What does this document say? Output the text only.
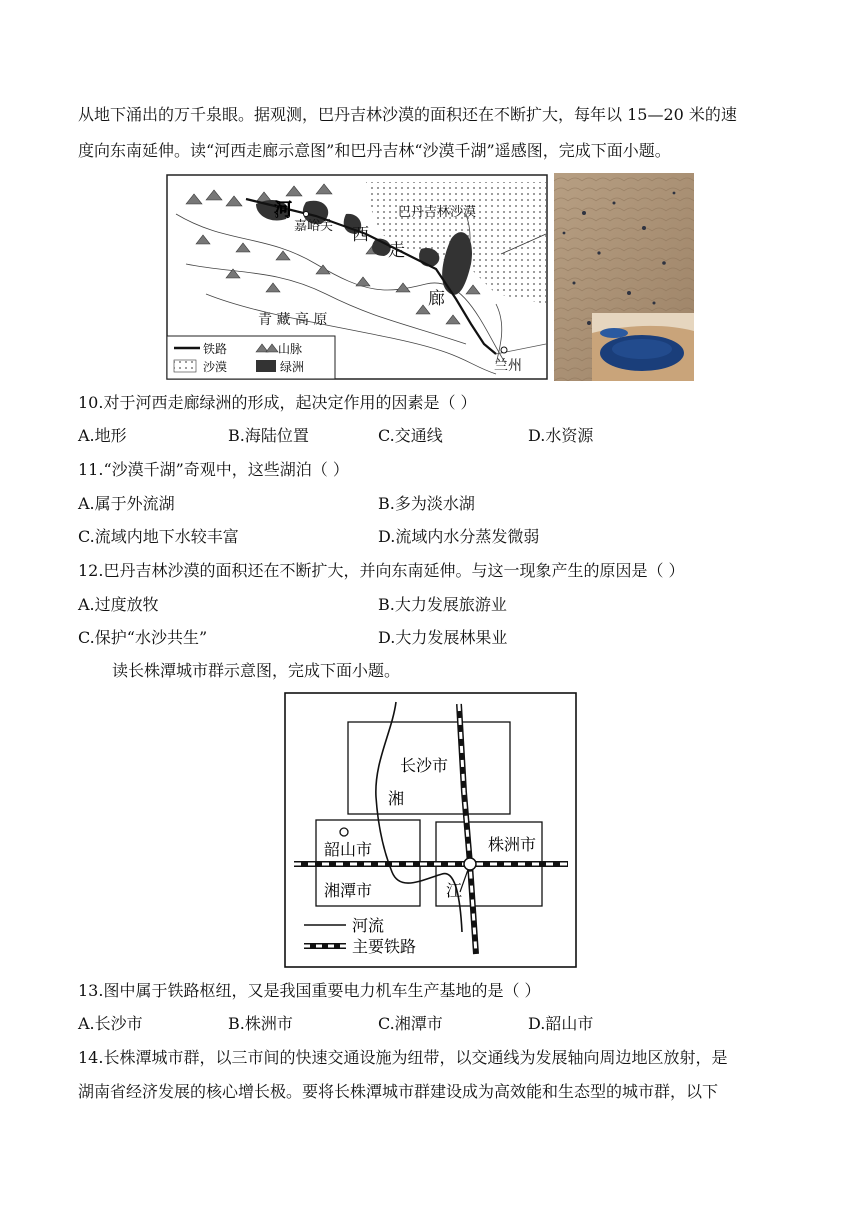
从地下涌出的万千泉眼。据观测，巴丹吉林沙漠的面积还在不断扩大，每年以 15—20 米的速
度向东南延伸。读“河西走廊示意图”和巴丹吉林“沙漠千湖”遥感图，完成下面小题。
河
嘉峪关 西
走
廊
巴丹吉林沙漠
青 藏 高 原
兰州
铁路	山脉
沙漠	绿洲
10.对于河西走廊绿洲的形成，起决定作用的因素是（ ）
A.地形	B.海陆位置	C.交通线	D.水资源
11.“沙漠千湖”奇观中，这些湖泊（ ）
A.属于外流湖	B.多为淡水湖
C.流域内地下水较丰富	D.流域内水分蒸发微弱
12.巴丹吉林沙漠的面积还在不断扩大，并向东南延伸。与这一现象产生的原因是（ ）
A.过度放牧	B.大力发展旅游业
C.保护“水沙共生”	D.大力发展林果业
读长株潭城市群示意图，完成下面小题。
长沙市
湘
韶山市	株洲市
湘潭市	江
河流
主要铁路
13.图中属于铁路枢纽，又是我国重要电力机车生产基地的是（ ）
A.长沙市	B.株洲市	C.湘潭市	D.韶山市
14.长株潭城市群，以三市间的快速交通设施为纽带，以交通线为发展轴向周边地区放射，是
湖南省经济发展的核心增长极。要将长株潭城市群建设成为高效能和生态型的城市群，以下
